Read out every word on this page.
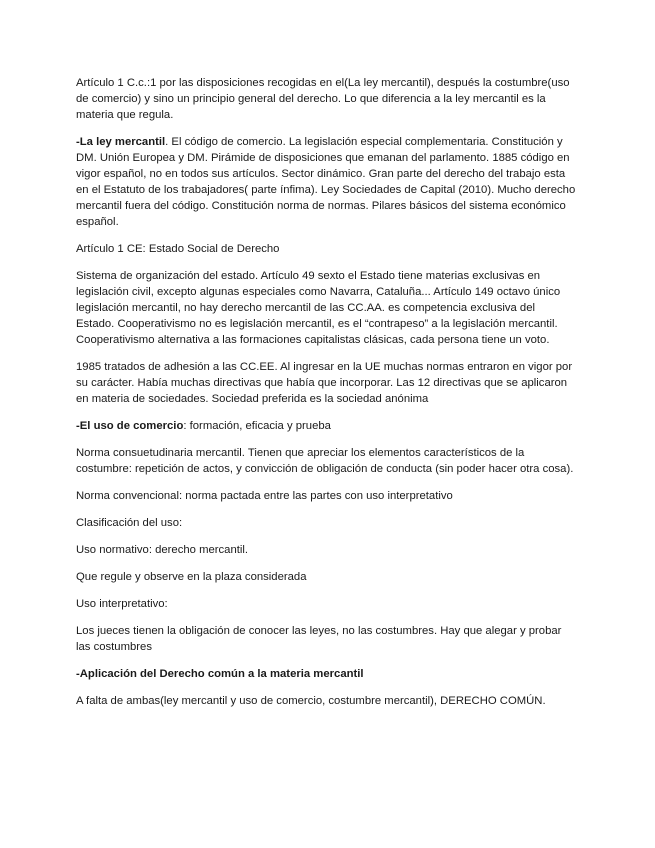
Artículo 1 C.c.:1 por las disposiciones recogidas en el(La ley mercantil), después la costumbre(uso de comercio) y sino un principio general del derecho. Lo que diferencia a la ley mercantil es la materia que regula.

-La ley mercantil. El código de comercio. La legislación especial complementaria. Constitución y DM. Unión Europea y DM. Pirámide de disposiciones que emanan del parlamento. 1885 código en vigor español, no en todos sus artículos. Sector dinámico. Gran parte del derecho del trabajo esta en el Estatuto de los trabajadores( parte ínfima). Ley Sociedades de Capital (2010). Mucho derecho mercantil fuera del código. Constitución norma de normas. Pilares básicos del sistema económico español.

Artículo 1 CE: Estado Social de Derecho

Sistema de organización del estado. Artículo 49 sexto el Estado tiene materias exclusivas en legislación civil, excepto algunas especiales como Navarra, Cataluña... Artículo 149 octavo único legislación mercantil, no hay derecho mercantil de las CC.AA. es competencia exclusiva del Estado. Cooperativismo no es legislación mercantil, es el “contrapeso” a la legislación mercantil. Cooperativismo alternativa a las formaciones capitalistas clásicas, cada persona tiene un voto.

1985 tratados de adhesión a las CC.EE. Al ingresar en la UE muchas normas entraron en vigor por su carácter. Había muchas directivas que había que incorporar. Las 12 directivas que se aplicaron en materia de sociedades. Sociedad preferida es la sociedad anónima

-El uso de comercio: formación, eficacia y prueba

Norma consuetudinaria mercantil. Tienen que apreciar los elementos característicos de la costumbre: repetición de actos, y convicción de obligación de conducta (sin poder hacer otra cosa).

Norma convencional: norma pactada entre las partes con uso interpretativo

Clasificación del uso:

Uso normativo: derecho mercantil.

Que regule y observe en la plaza considerada

Uso interpretativo:

Los jueces tienen la obligación de conocer las leyes, no las costumbres. Hay que alegar y probar las costumbres

-Aplicación del Derecho común a la materia mercantil

A falta de ambas(ley mercantil y uso de comercio, costumbre mercantil), DERECHO COMÚN.
